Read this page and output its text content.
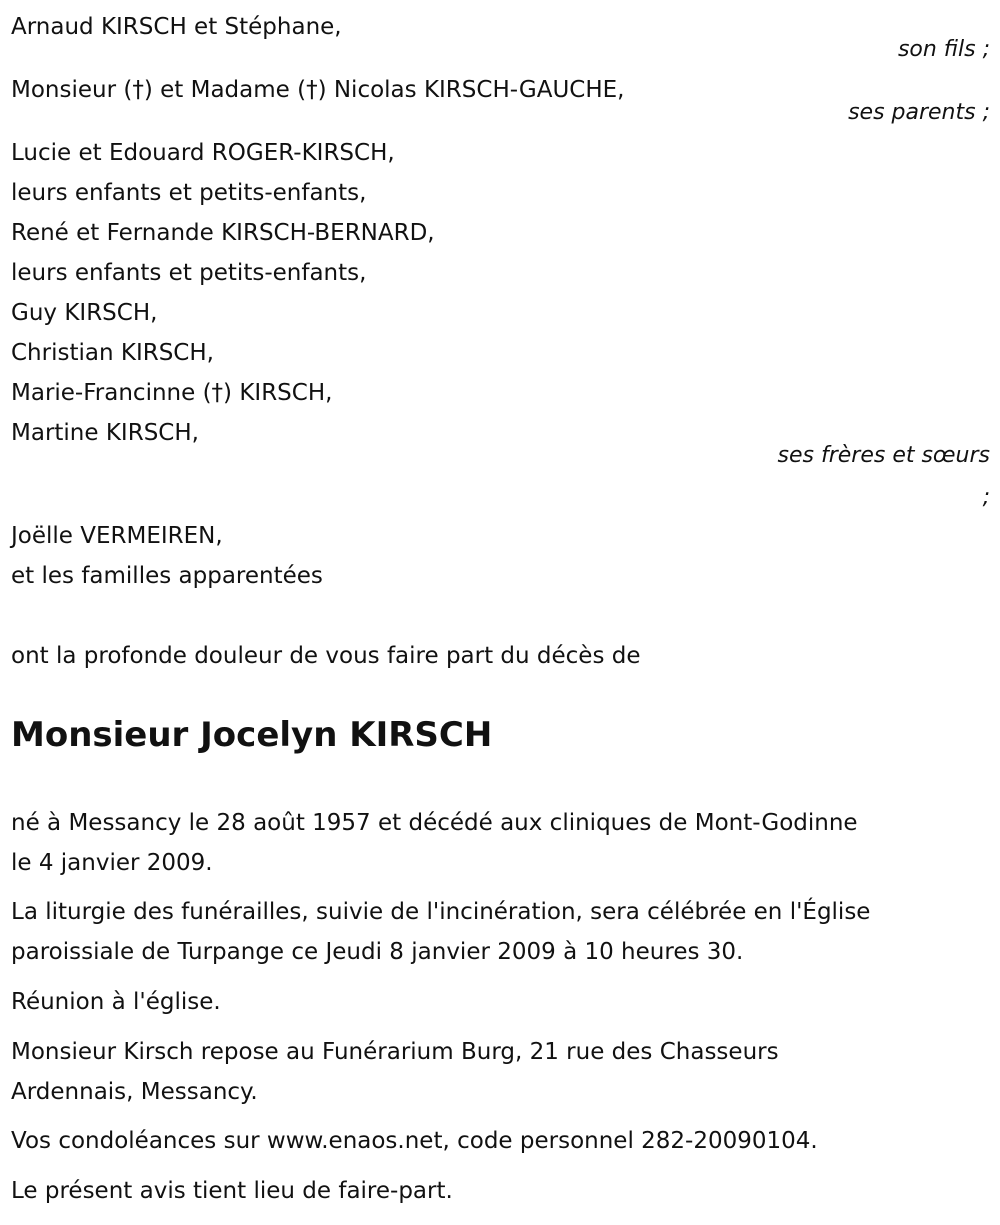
Arnaud KIRSCH et Stéphane,
son fils ;
Monsieur (†) et Madame (†) Nicolas KIRSCH-GAUCHE,
ses parents ;
Lucie et Edouard ROGER-KIRSCH,
leurs enfants et petits-enfants,
René et Fernande KIRSCH-BERNARD,
leurs enfants et petits-enfants,
Guy KIRSCH,
Christian KIRSCH,
Marie-Francinne (†) KIRSCH,
Martine KIRSCH,
ses frères et sœurs
;
Joëlle VERMEIREN,
et les familles apparentées
ont la profonde douleur de vous faire part du décès de
Monsieur Jocelyn KIRSCH
né à Messancy le 28 août 1957 et décédé aux cliniques de Mont-Godinne
le 4 janvier 2009.
La liturgie des funérailles, suivie de l'incinération, sera célébrée en l'Église
paroissiale de Turpange ce Jeudi 8 janvier 2009 à 10 heures 30.
Réunion à l'église.
Monsieur Kirsch repose au Funérarium Burg, 21 rue des Chasseurs
Ardennais, Messancy.
Vos condoléances sur www.enaos.net, code personnel 282-20090104.
Le présent avis tient lieu de faire-part.
